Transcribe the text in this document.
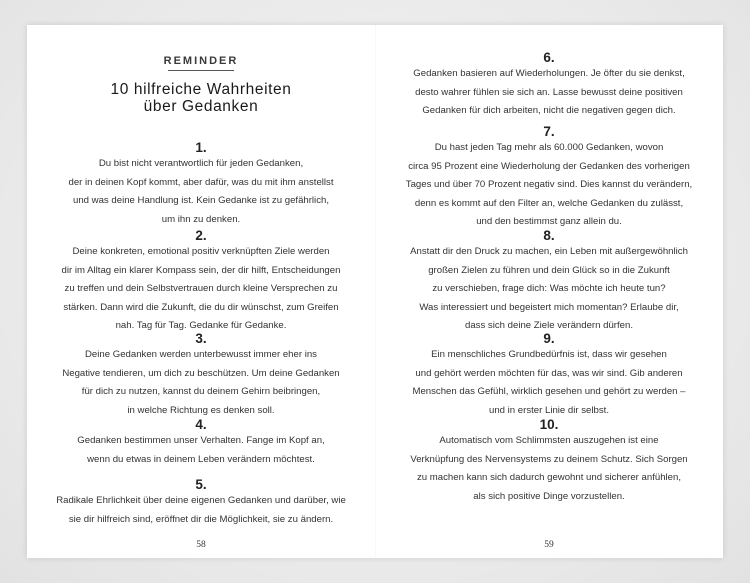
REMINDER
10 hilfreiche Wahrheiten
über Gedanken
1.
Du bist nicht verantwortlich für jeden Gedanken,
der in deinen Kopf kommt, aber dafür, was du mit ihm anstellst
und was deine Handlung ist. Kein Gedanke ist zu gefährlich,
um ihn zu denken.
2.
Deine konkreten, emotional positiv verknüpften Ziele werden
dir im Alltag ein klarer Kompass sein, der dir hilft, Entscheidungen
zu treffen und dein Selbstvertrauen durch kleine Versprechen zu
stärken. Dann wird die Zukunft, die du dir wünschst, zum Greifen
nah. Tag für Tag. Gedanke für Gedanke.
3.
Deine Gedanken werden unterbewusst immer eher ins
Negative tendieren, um dich zu beschützen. Um deine Gedanken
für dich zu nutzen, kannst du deinem Gehirn beibringen,
in welche Richtung es denken soll.
4.
Gedanken bestimmen unser Verhalten. Fange im Kopf an,
wenn du etwas in deinem Leben verändern möchtest.
5.
Radikale Ehrlichkeit über deine eigenen Gedanken und darüber, wie
sie dir hilfreich sind, eröffnet dir die Möglichkeit, sie zu ändern.
58
6.
Gedanken basieren auf Wiederholungen. Je öfter du sie denkst,
desto wahrer fühlen sie sich an. Lasse bewusst deine positiven
Gedanken für dich arbeiten, nicht die negativen gegen dich.
7.
Du hast jeden Tag mehr als 60.000 Gedanken, wovon
circa 95 Prozent eine Wiederholung der Gedanken des vorherigen
Tages und über 70 Prozent negativ sind. Dies kannst du verändern,
denn es kommt auf den Filter an, welche Gedanken du zulässt,
und den bestimmst ganz allein du.
8.
Anstatt dir den Druck zu machen, ein Leben mit außergewöhnlich
großen Zielen zu führen und dein Glück so in die Zukunft
zu verschieben, frage dich: Was möchte ich heute tun?
Was interessiert und begeistert mich momentan? Erlaube dir,
dass sich deine Ziele verändern dürfen.
9.
Ein menschliches Grundbedürfnis ist, dass wir gesehen
und gehört werden möchten für das, was wir sind. Gib anderen
Menschen das Gefühl, wirklich gesehen und gehört zu werden –
und in erster Linie dir selbst.
10.
Automatisch vom Schlimmsten auszugehen ist eine
Verknüpfung des Nervensystems zu deinem Schutz. Sich Sorgen
zu machen kann sich dadurch gewohnt und sicherer anfühlen,
als sich positive Dinge vorzustellen.
59
